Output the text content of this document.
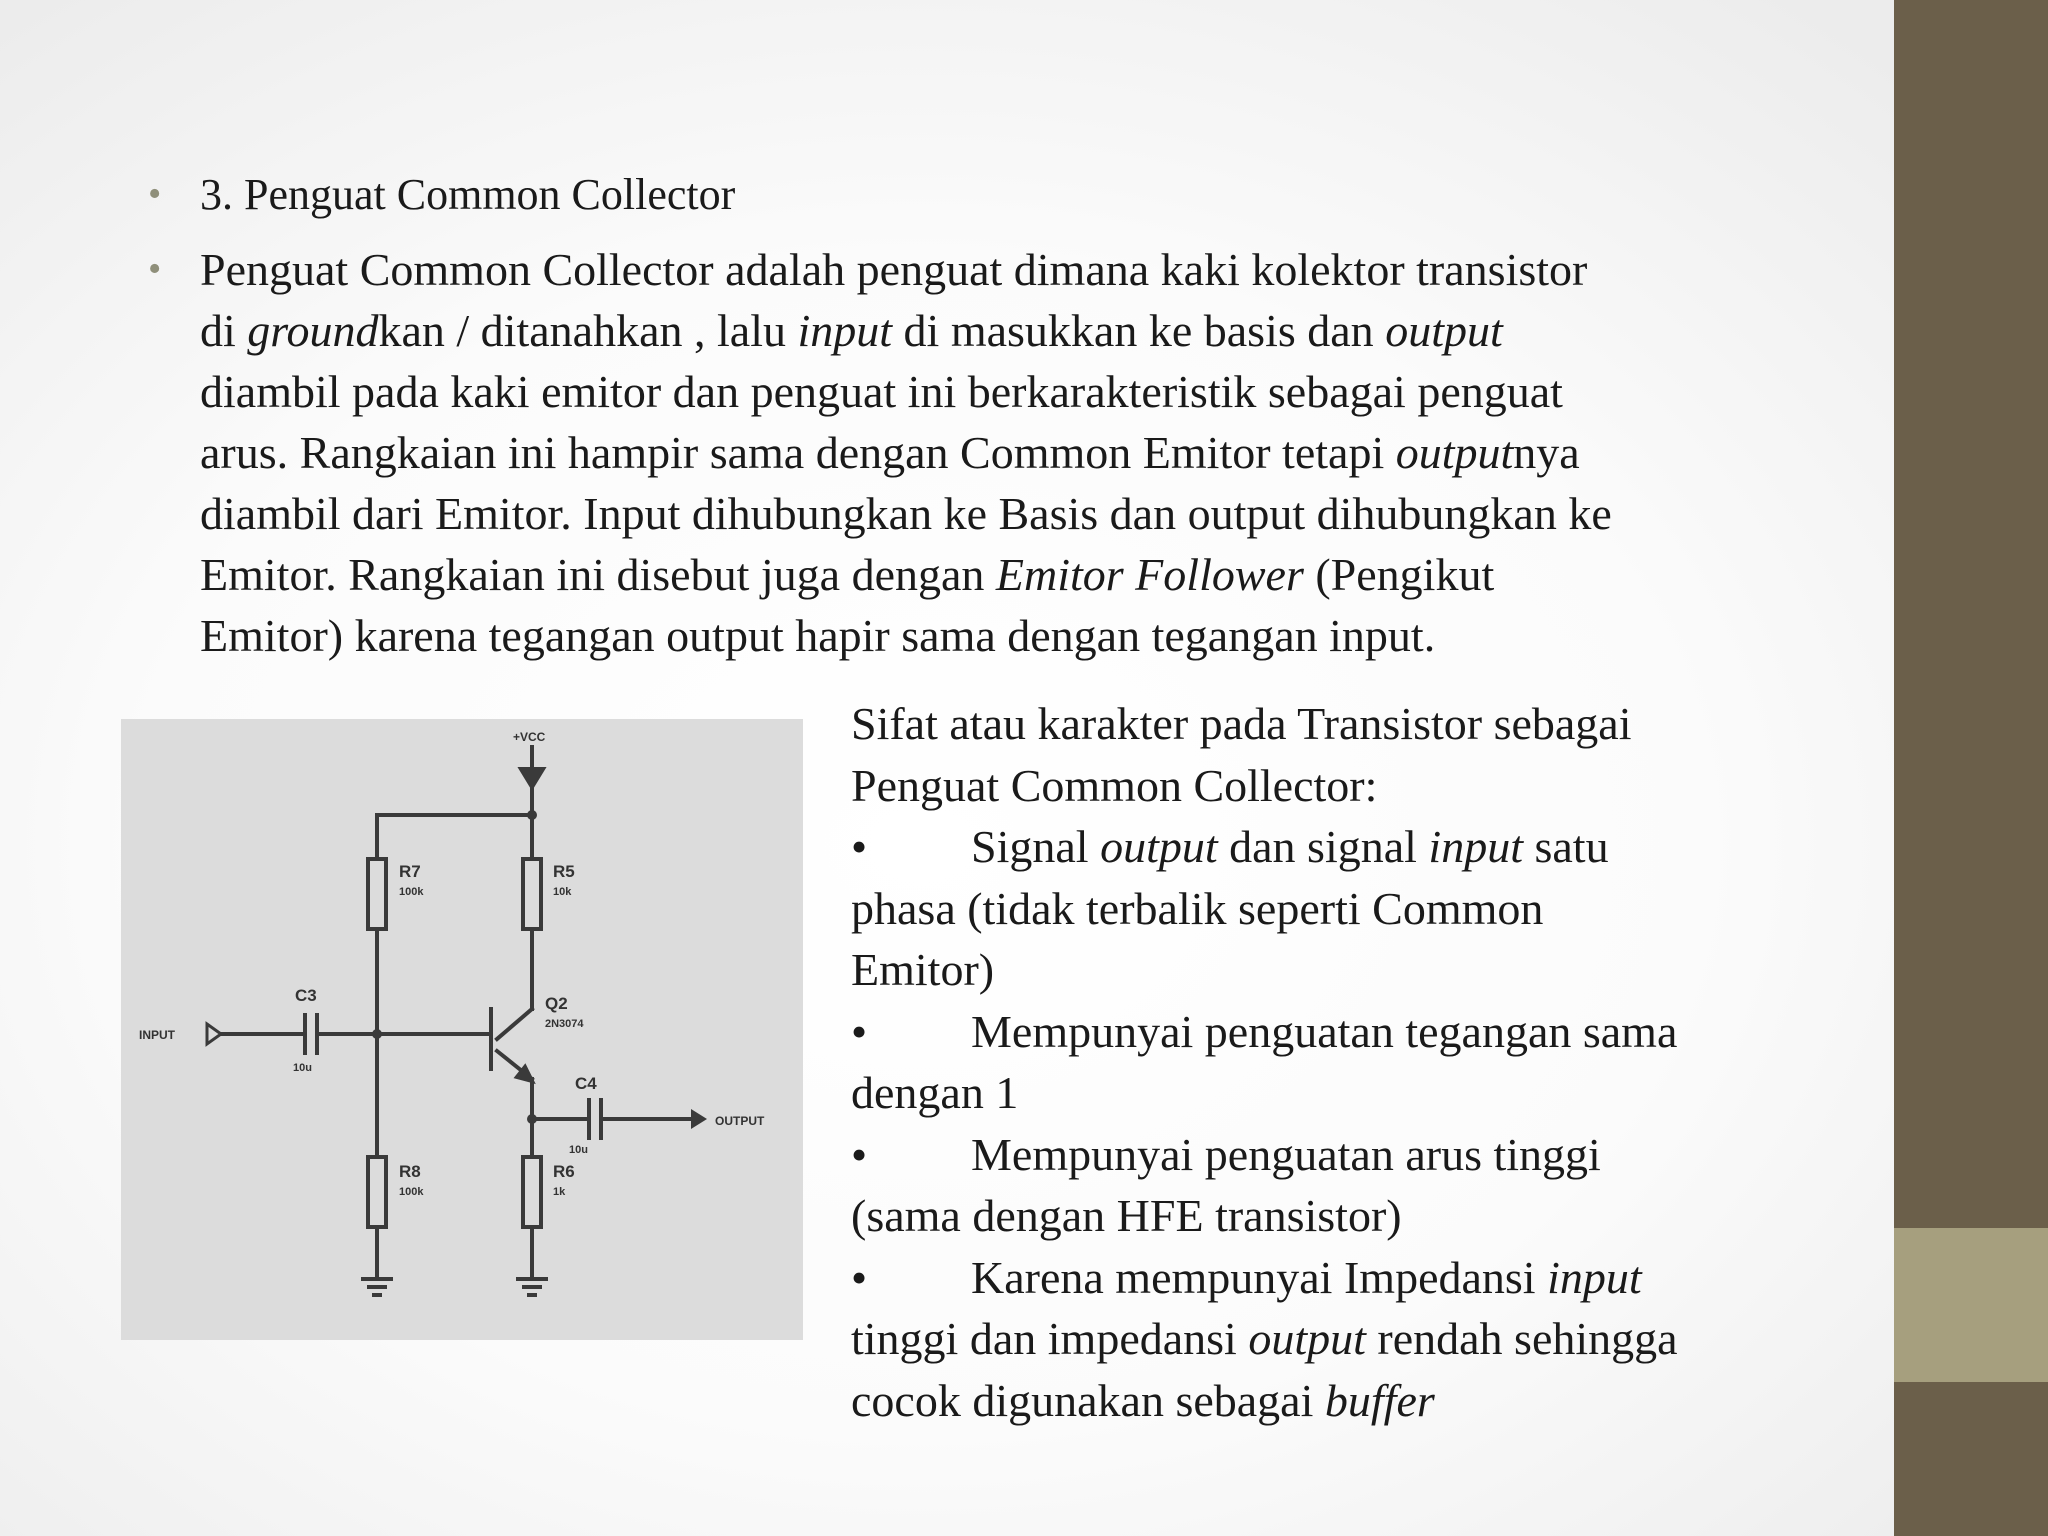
• 3. Penguat Common Collector
• Penguat Common Collector adalah penguat dimana kaki kolektor transistor
di groundkan / ditanahkan , lalu input di masukkan ke basis dan output
diambil pada kaki emitor dan penguat ini berkarakteristik sebagai penguat
arus. Rangkaian ini hampir sama dengan Common Emitor tetapi outputnya
diambil dari Emitor. Input dihubungkan ke Basis dan output dihubungkan ke
Emitor. Rangkaian ini disebut juga dengan Emitor Follower (Pengikut
Emitor) karena tegangan output hapir sama dengan tegangan input.
+VCC
INPUT
OUTPUT
R7
100k
R5
10k
C3
10u
Q2
2N3074
C4
10u
R8
100k
R6
1k
Sifat atau karakter pada Transistor sebagai
Penguat Common Collector:
• Signal output dan signal input satu
phasa (tidak terbalik seperti Common
Emitor)
• Mempunyai penguatan tegangan sama
dengan 1
• Mempunyai penguatan arus tinggi
(sama dengan HFE transistor)
• Karena mempunyai Impedansi input
tinggi dan impedansi output rendah sehingga
cocok digunakan sebagai buffer
